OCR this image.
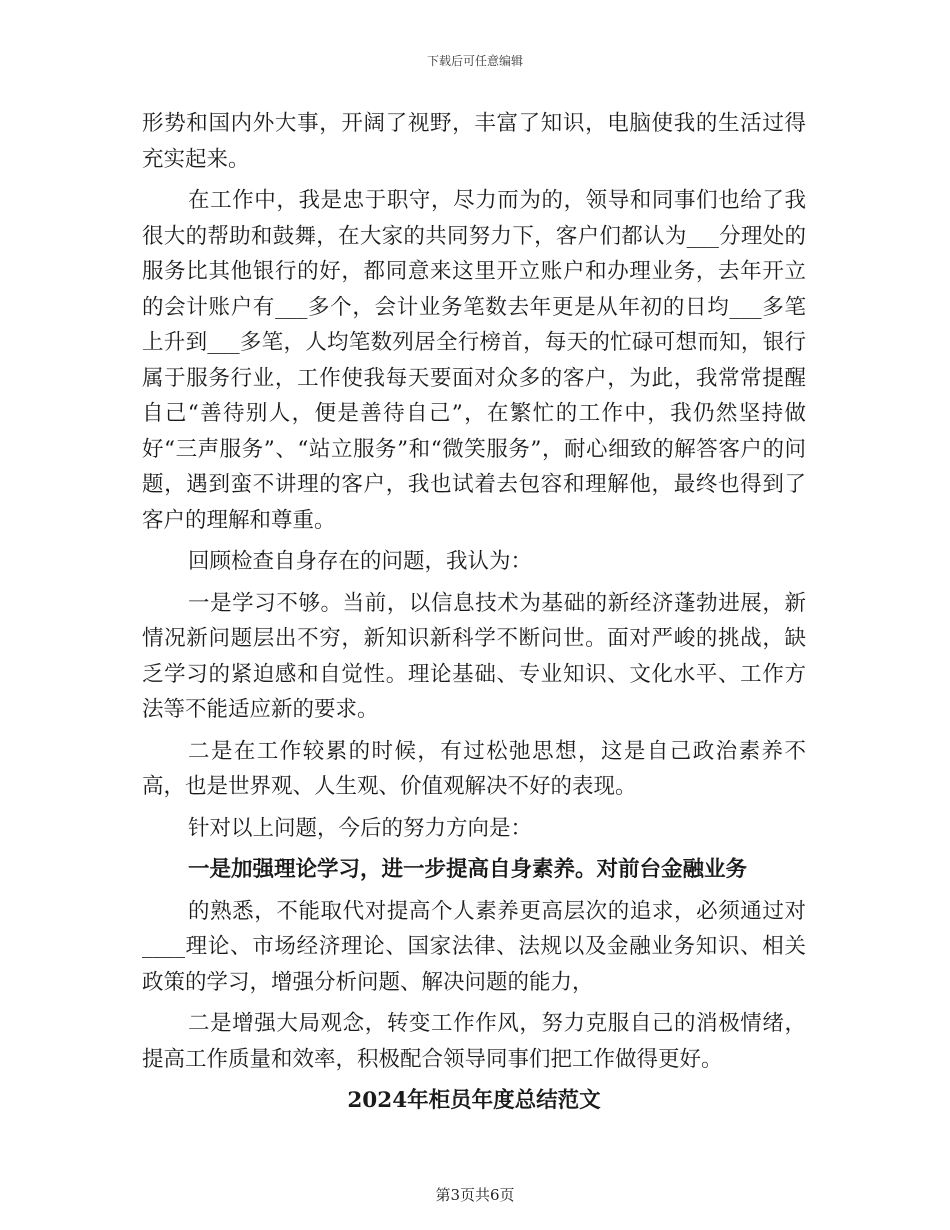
下载后可任意编辑

形势和国内外大事，开阔了视野，丰富了知识，电脑使我的生活过得充实起来。

在工作中，我是忠于职守，尽力而为的，领导和同事们也给了我很大的帮助和鼓舞，在大家的共同努力下，客户们都认为___分理处的服务比其他银行的好，都同意来这里开立账户和办理业务，去年开立的会计账户有___多个，会计业务笔数去年更是从年初的日均___多笔上升到___多笔，人均笔数列居全行榜首，每天的忙碌可想而知，银行属于服务行业，工作使我每天要面对众多的客户，为此，我常常提醒自己“善待别人，便是善待自己”，在繁忙的工作中，我仍然坚持做好“三声服务”、“站立服务”和“微笑服务”，耐心细致的解答客户的问题，遇到蛮不讲理的客户，我也试着去包容和理解他，最终也得到了客户的理解和尊重。

回顾检查自身存在的问题，我认为：

一是学习不够。当前，以信息技术为基础的新经济蓬勃进展，新情况新问题层出不穷，新知识新科学不断问世。面对严峻的挑战，缺乏学习的紧迫感和自觉性。理论基础、专业知识、文化水平、工作方法等不能适应新的要求。

二是在工作较累的时候，有过松弛思想，这是自己政治素养不高，也是世界观、人生观、价值观解决不好的表现。

针对以上问题，今后的努力方向是：

一是加强理论学习，进一步提高自身素养。对前台金融业务

的熟悉，不能取代对提高个人素养更高层次的追求，必须通过对____理论、市场经济理论、国家法律、法规以及金融业务知识、相关政策的学习，增强分析问题、解决问题的能力，

二是增强大局观念，转变工作作风，努力克服自己的消极情绪，提高工作质量和效率，积极配合领导同事们把工作做得更好。

2024年柜员年度总结范文

第3页共6页
